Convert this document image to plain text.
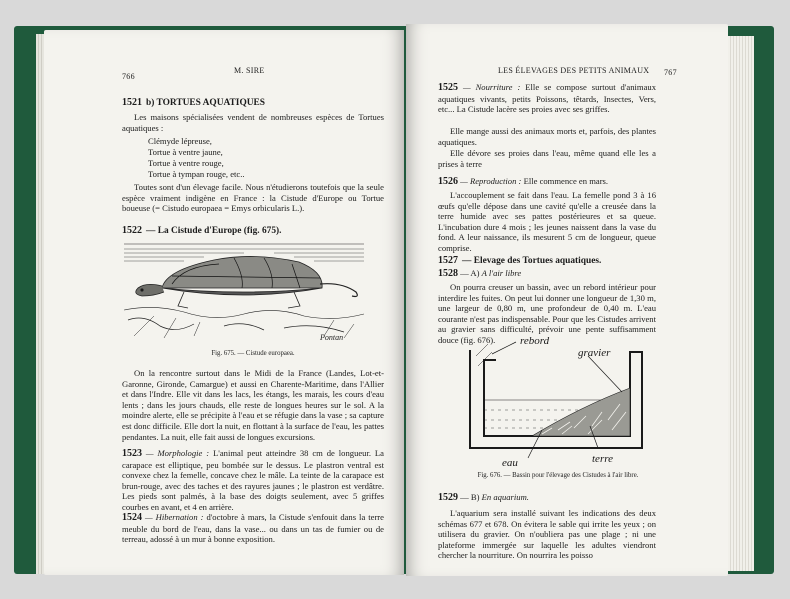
766
M. SIRE
1521 b) TORTUES AQUATIQUES

Les maisons spécialisées vendent de nombreuses espèces de Tortues aquatiques :

Clémyde lépreuse,
Tortue à ventre jaune,
Tortue à ventre rouge,
Tortue à tympan rouge, etc..

Toutes sont d'un élevage facile. Nous n'étudierons toutefois que la seule espèce vraiment indigène en France : la Cistude d'Europe ou Tortue boueuse (= Cistudo europaea = Emys orbicularis L.).

1522 — La Cistude d'Europe (fig. 675).
Pontan
Fig. 675. — Cistude europaea.

On la rencontre surtout dans le Midi de la France (Landes, Lot-et-Garonne, Gironde, Camargue) et aussi en Charente-Maritime, dans l'Allier et dans l'Indre. Elle vit dans les lacs, les étangs, les marais, les cours d'eau lents ; dans les jours chauds, elle reste de longues heures sur le sol. A la moindre alerte, elle se précipite à l'eau et se réfugie dans la vase ; sa capture est donc difficile. Elle dort la nuit, en flottant à la surface de l'eau, les pattes pendantes. La nuit, elle fait aussi de longues excursions.

1523 — Morphologie : L'animal peut atteindre 38 cm de longueur. La carapace est elliptique, peu bombée sur le dessus. Le plastron ventral est convexe chez la femelle, concave chez le mâle. La teinte de la carapace est brun-rouge, avec des taches et des rayures jaunes ; le plastron est verdâtre. Les pieds sont palmés, à la base des doigts seulement, avec 5 griffes courbes en avant, et 4 en arrière.
1524 — Hibernation : d'octobre à mars, la Cistude s'enfouit dans la terre meuble du bord de l'eau, dans la vase... ou dans un tas de fumier ou de terreau, adossé à un mur à bonne exposition.
LES ÉLEVAGES DES PETITS ANIMAUX 767
1525 — Nourriture : Elle se compose surtout d'animaux aquatiques vivants, petits Poissons, têtards, Insectes, Vers, etc... La Cistude lacère ses proies avec ses griffes.

Elle mange aussi des animaux morts et, parfois, des plantes aquatiques.

Elle dévore ses proies dans l'eau, même quand elle les a prises à terre

1526 — Reproduction : Elle commence en mars.

L'accouplement se fait dans l'eau. La femelle pond 3 à 16 œufs qu'elle dépose dans une cavité qu'elle a creusée dans la terre humide avec ses pattes postérieures et sa queue. L'incubation dure 4 mois ; les jeunes naissent dans la vase du fond. A leur naissance, ils mesurent 5 cm de longueur, queue comprise.

1527 — Elevage des Tortues aquatiques.
1528 — A) A l'air libre

On pourra creuser un bassin, avec un rebord intérieur pour interdire les fuites. On peut lui donner une longueur de 1,30 m, une largeur de 0,80 m, une profondeur de 0,40 m. L'eau courante n'est pas indispensable. Pour que les Cistudes arrivent au gravier sans difficulté, prévoir une pente suffisamment douce (fig. 676).	rebord
gravier
eau	terre
Fig. 676. — Bassin pour l'élevage des Cistudes à l'air libre.
1529 — B) En aquarium.

L'aquarium sera installé suivant les indications des deux schémas 677 et 678. On évitera le sable qui irrite les yeux ; on utilisera du gravier. On n'oubliera pas une plage ; ni une plateforme immergée sur laquelle les adultes viendront chercher la nourriture. On nourrira les poisso
